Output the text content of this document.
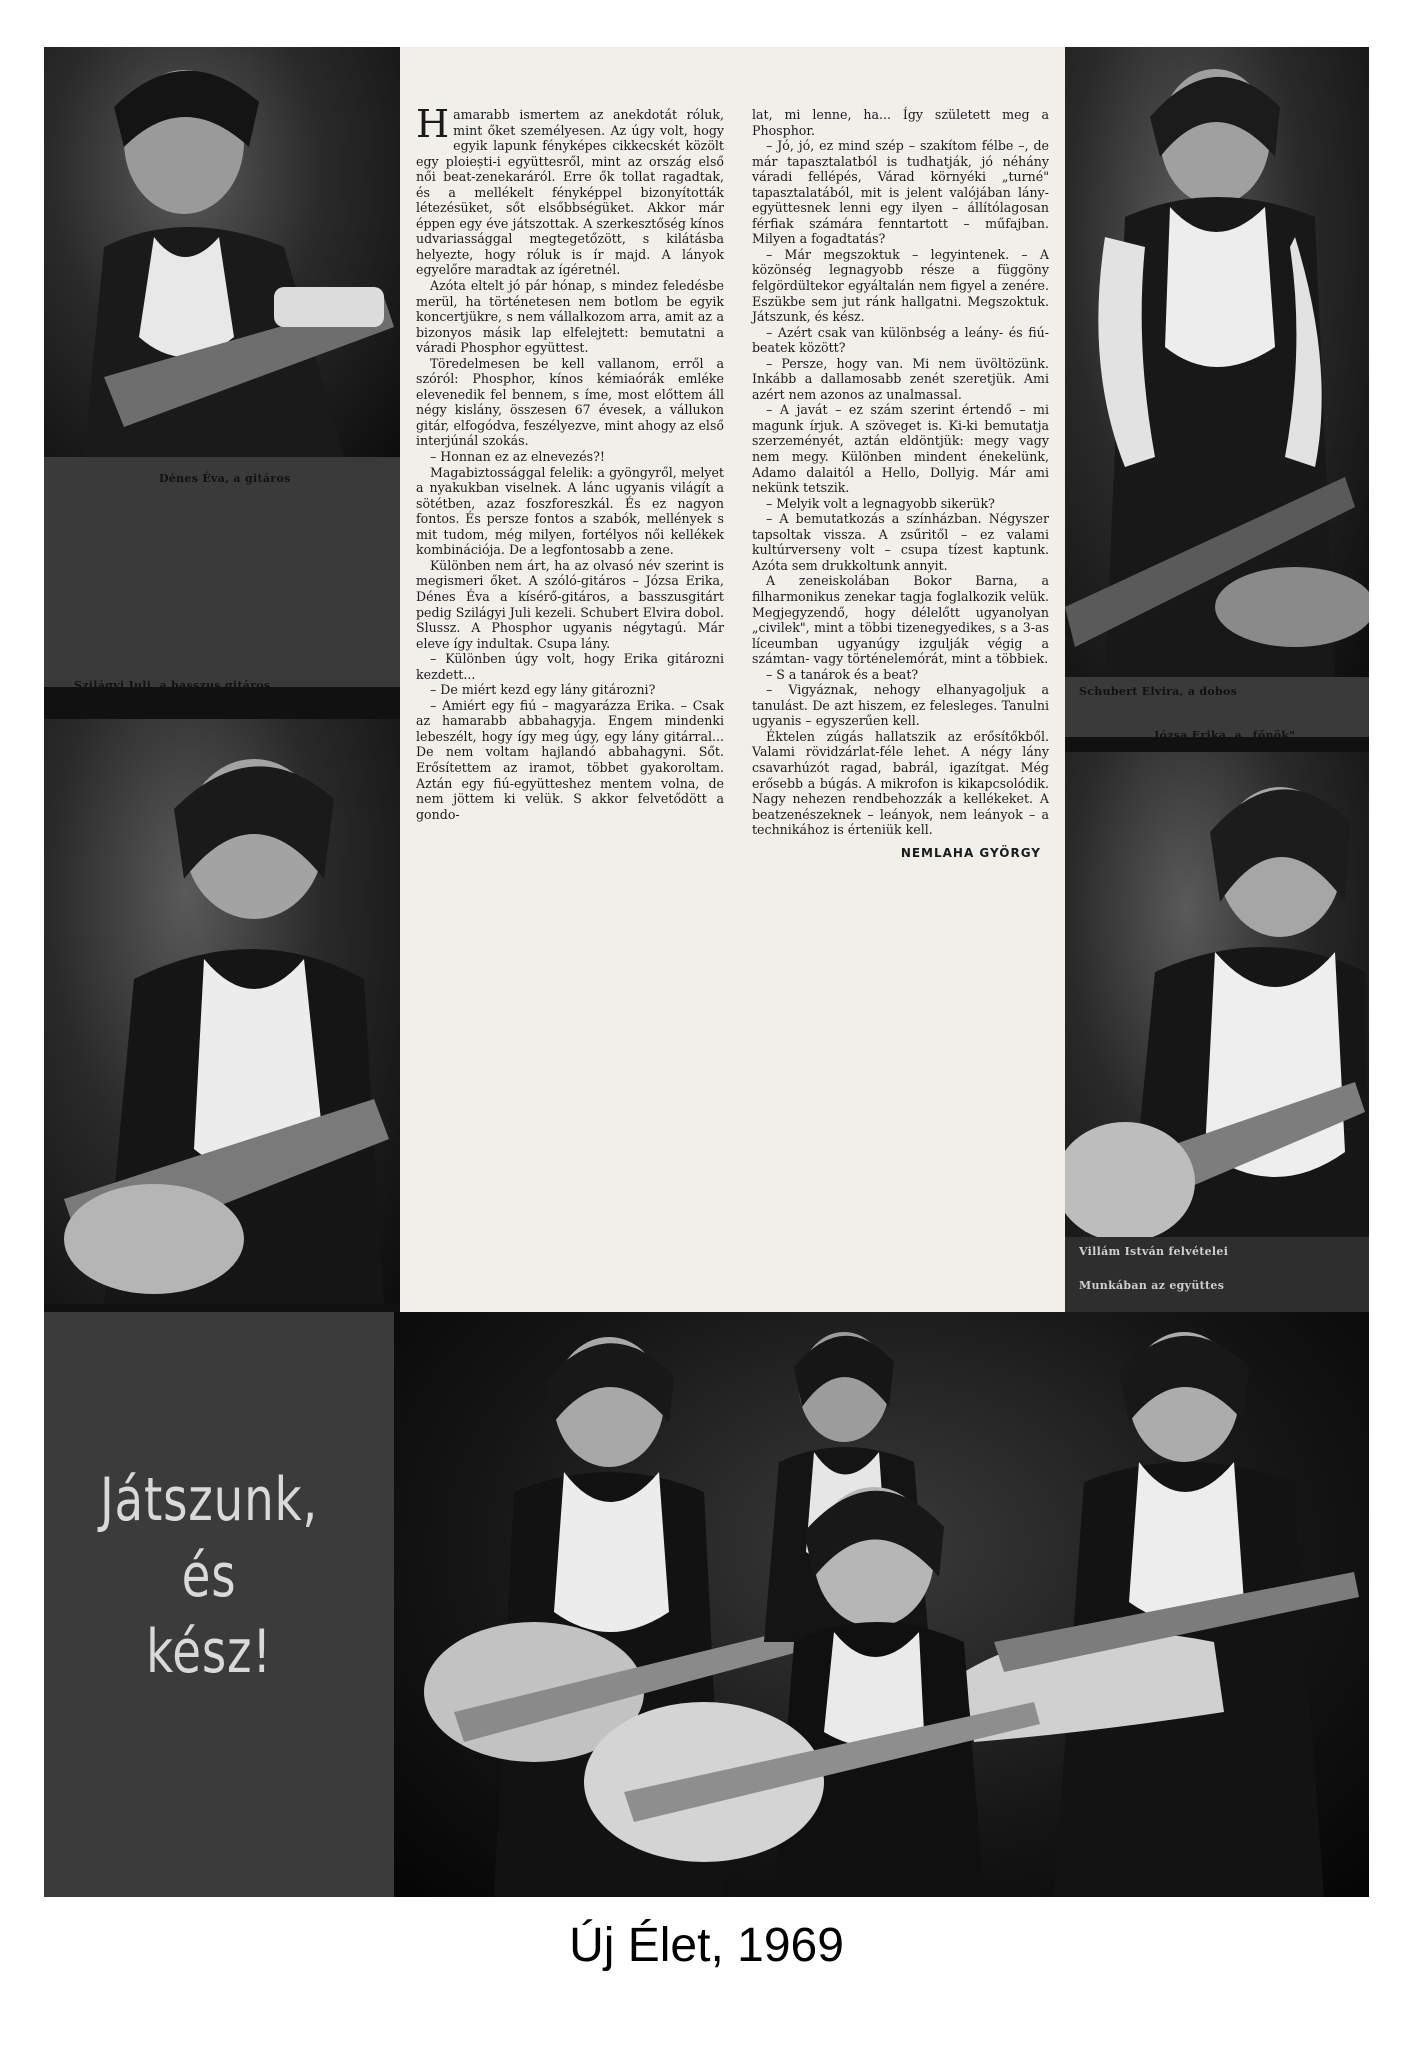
Dénes Éva, a gitáros
Szilágyi Juli, a basszus gitáros
H amarabb ismertem az anekdotát róluk, mint őket személyesen. Az úgy volt, hogy egyik lapunk fényképes cikkecskét közölt egy ploiești-i együttesről, mint az ország első női beat-zenekaráról. Erre ők tollat ragadtak, és a mellékelt fényképpel bizonyították létezésüket, sőt elsőbbségüket. Akkor már éppen egy éve játszottak. A szerkesztőség kínos udvariassággal megtegetőzött, s kilátásba helyezte, hogy róluk is ír majd. A lányok egyelőre maradtak az ígéretnél.

Azóta eltelt jó pár hónap, s mindez feledésbe merül, ha történetesen nem botlom be egyik koncertjükre, s nem vállalkozom arra, amit az a bizonyos másik lap elfelejtett: bemutatni a váradi Phosphor együttest.

Töredelmesen be kell vallanom, erről a szóról: Phosphor, kínos kémiaórák emléke elevenedik fel bennem, s íme, most előttem áll négy kislány, összesen 67 évesek, a vállukon gitár, elfogódva, feszélyezve, mint ahogy az első interjúnál szokás.

– Honnan ez az elnevezés?!

Magabiztossággal felelik: a gyöngyről, melyet a nyakukban viselnek. A lánc ugyanis világít a sötétben, azaz foszforeszkál. És ez nagyon fontos. És persze fontos a szabók, mellények s mit tudom, még milyen, fortélyos női kellékek kombinációja. De a legfontosabb a zene.

Különben nem árt, ha az olvasó név szerint is megismeri őket. A szóló-gitáros – Józsa Erika, Dénes Éva a kísérő-gitáros, a basszusgitárt pedig Szilágyi Juli kezeli. Schubert Elvira dobol. Slussz. A Phosphor ugyanis négytagú. Már eleve így indultak. Csupa lány.

– Különben úgy volt, hogy Erika gitározni kezdett...

– De miért kezd egy lány gitározni?

– Amiért egy fiú – magyarázza Erika. – Csak az hamarabb abbahagyja. Engem mindenki lebeszélt, hogy így meg úgy, egy lány gitárral... De nem voltam hajlandó abbahagyni. Sőt. Erősítettem az iramot, többet gyakoroltam. Aztán egy fiú-együtteshez mentem volna, de nem jöttem ki velük. S akkor felvetődött a gondo-

lat, mi lenne, ha... Így született meg a Phosphor.

– Jó, jó, ez mind szép – szakítom félbe –, de már tapasztalatból is tudhatják, jó néhány váradi fellépés, Várad környéki „turné" tapasztalatából, mit is jelent valójában lány-együttesnek lenni egy ilyen – állítólagosan férfiak számára fenntartott – műfajban. Milyen a fogadtatás?

– Már megszoktuk – legyintenek. – A közönség legnagyobb része a függöny felgördültekor egyáltalán nem figyel a zenére. Eszükbe sem jut ránk hallgatni. Megszoktuk. Játszunk, és kész.

– Azért csak van különbség a leány- és fiú-beatek között?

– Persze, hogy van. Mi nem üvöltözünk. Inkább a dallamosabb zenét szeretjük. Ami azért nem azonos az unalmassal.

– A javát – ez szám szerint értendő – mi magunk írjuk. A szöveget is. Ki-ki bemutatja szerzeményét, aztán eldöntjük: megy vagy nem megy. Különben mindent énekelünk, Adamo dalaitól a Hello, Dollyig. Már ami nekünk tetszik.

– Melyik volt a legnagyobb sikerük?

– A bemutatkozás a színházban. Négyszer tapsoltak vissza. A zsűritől – ez valami kultúrverseny volt – csupa tízest kaptunk. Azóta sem drukkoltunk annyit.

A zeneiskolában Bokor Barna, a filharmonikus zenekar tagja foglalkozik velük. Megjegyzendő, hogy délelőtt ugyanolyan „civilek", mint a többi tizenegyedikes, s a 3-as líceumban ugyanúgy izgulják végig a számtan- vagy történelemórát, mint a többiek.

– S a tanárok és a beat?

– Vigyáznak, nehogy elhanyagoljuk a tanulást. De azt hiszem, ez felesleges. Tanulni ugyanis – egyszerűen kell.

Éktelen zúgás hallatszik az erősítőkből. Valami rövidzárlat-féle lehet. A négy lány csavarhúzót ragad, babrál, igazítgat. Még erősebb a búgás. A mikrofon is kikapcsolódik. Nagy nehezen rendbehozzák a kellékeket. A beatzenészeknek – leányok, nem leányok – a technikához is érteniük kell.

NEMLAHA GYÖRGY
Schubert Elvira, a dobos
Józsa Erika, a „főnök"
Villám István felvételei
Munkában az együttes
Játszunk,
és
kész!
Új Élet, 1969
